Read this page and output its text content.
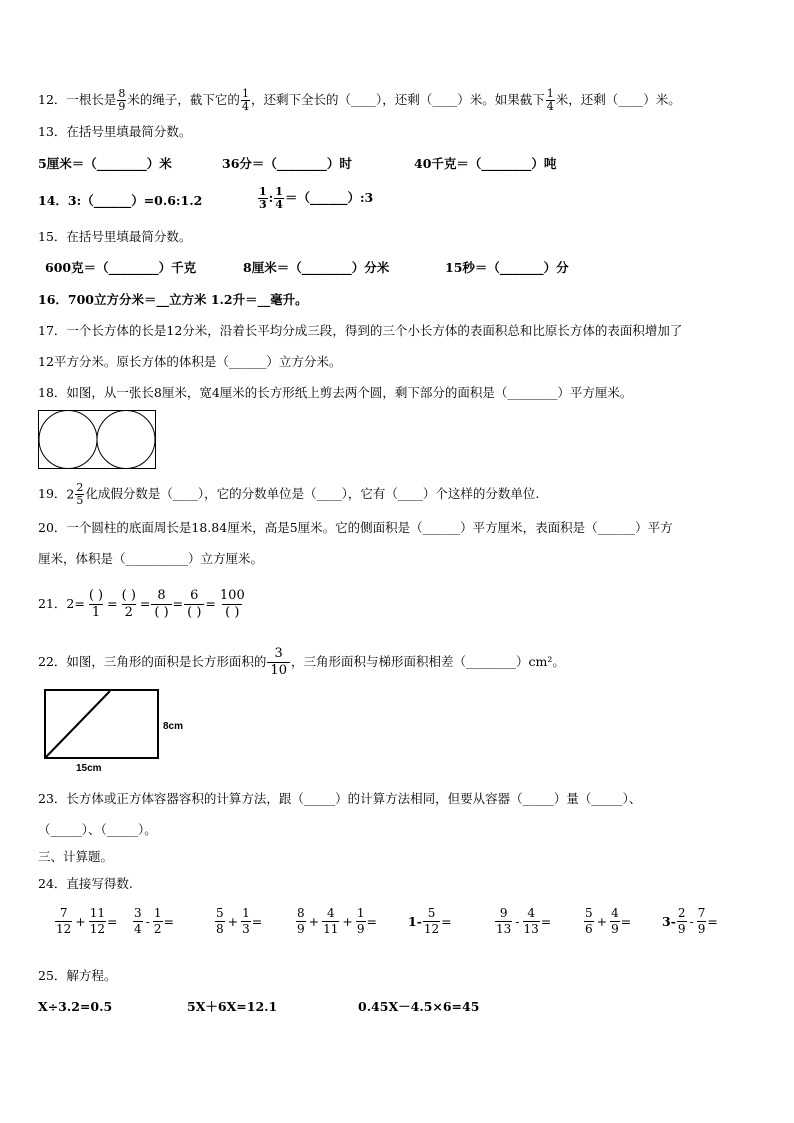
12．一根长是 $\frac{8}{9}$ 米的绳子，截下它的 $\frac{1}{4}$ ，还剩下全长的（____），还剩（____）米。如果截下 $\frac{1}{4}$ 米，还剩（____）米。
13．在括号里填最简分数。
5厘米＝（________）米	36分＝（________）时	40千克＝（________）吨
14．3:（______）=0.6:1.2	$\frac{1}{3}$ : $\frac{1}{4}$ ＝（______）:3
15．在括号里填最简分数。
600克＝（________）千克	8厘米＝（________）分米	15秒＝（_______）分
16．700立方分米＝__立方米 1.2升＝__毫升。
17．一个长方体的长是12分米，沿着长平均分成三段，得到的三个小长方体的表面积总和比原长方体的表面积增加了
12平方分米。原长方体的体积是（______）立方分米。
18．如图，从一张长8厘米，宽4厘米的长方形纸上剪去两个圆，剩下部分的面积是（________）平方厘米。
19．$2 \frac{2}{5}$ 化成假分数是（____），它的分数单位是（____），它有（____）个这样的分数单位.
20．一个圆柱的底面周长是18.84厘米，高是5厘米。它的侧面积是（______）平方厘米，表面积是（______）平方
厘米，体积是（__________）立方厘米。
21．$2= \frac{( )}{1} = \frac{( )}{2} = \frac{8}{( )} = \frac{6}{( )} = \frac{100}{( )}$
22．如图，三角形的面积是长方形面积的 $\frac{3}{10}$ ，三角形面积与梯形面积相差（________）cm²。
8cm
15cm
23．长方体或正方体容器容积的计算方法，跟（_____）的计算方法相同，但要从容器（_____）量（_____）、
（_____）、（_____）。
三、计算题。
24．直接写得数.
$\frac{7}{12} + \frac{11}{12} = \frac{3}{4} - \frac{1}{2}$ =	$\frac{5}{8} + \frac{1}{3}$ =	$\frac{8}{9} + \frac{4}{11} + \frac{1}{9} = 1- \frac{5}{12}$ =	$\frac{9}{13} - \frac{4}{13}$ =	$\frac{5}{6} + \frac{4}{9} = 3- \frac{2}{9} - \frac{7}{9}$ =
25．解方程。
X÷3.2=0.5	5X＋6X=12.1	0.45X－4.5×6=45
